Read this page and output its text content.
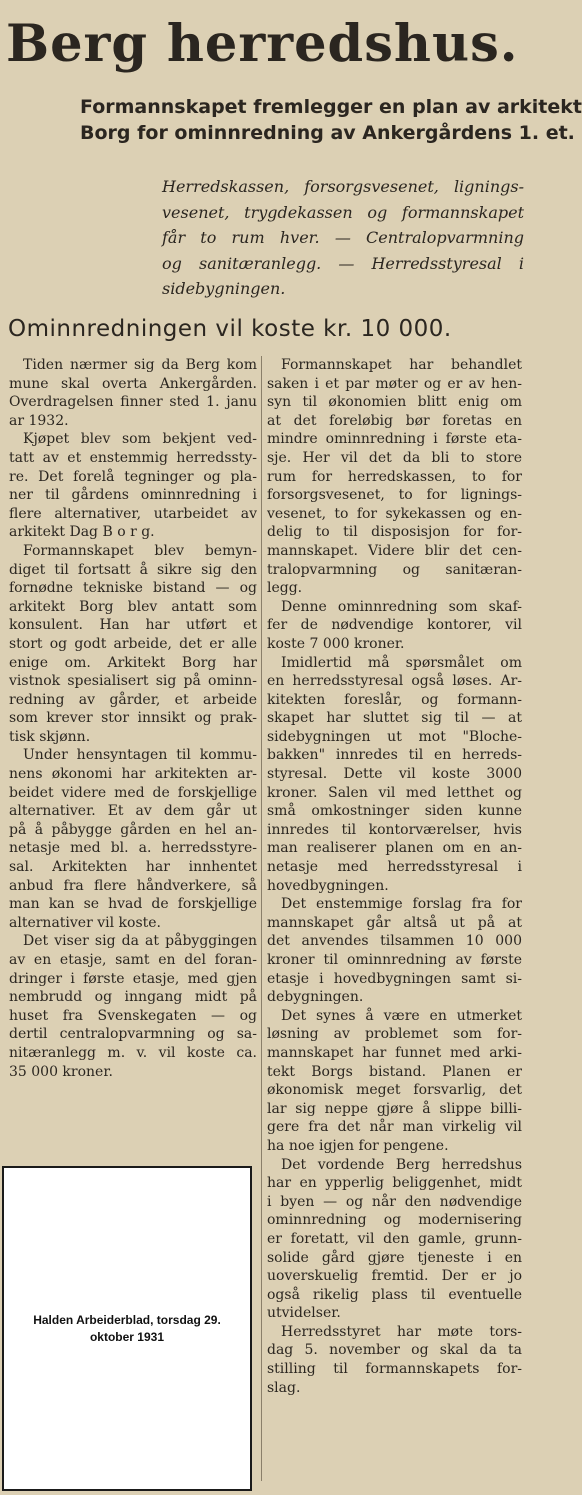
Berg herredshus.
Formannskapet fremlegger en plan av arkitekt
Borg for ominnredning av Ankergårdens 1. et.
Herredskassen, forsorgsvesenet, lignings-
vesenet, trygdekassen og formannskapet
får to rum hver. — Centralopvarmning
og sanitæranlegg. — Herredsstyresal i
sidebygningen.
Ominnredningen vil koste kr. 10 000.
Tiden nærmer sig da Berg kom
mune skal overta Ankergården.
Overdragelsen finner sted 1. janu
ar 1932.
Kjøpet blev som bekjent ved-
tatt av et enstemmig herredssty-
re. Det forelå tegninger og pla-
ner til gårdens ominnredning i
flere alternativer, utarbeidet av
arkitekt Dag B o r g.
Formannskapet blev bemyn-
diget til fortsatt å sikre sig den
fornødne tekniske bistand — og
arkitekt Borg blev antatt som
konsulent. Han har utført et
stort og godt arbeide, det er alle
enige om. Arkitekt Borg har
vistnok spesialisert sig på ominn-
redning av gårder, et arbeide
som krever stor innsikt og prak-
tisk skjønn.
Under hensyntagen til kommu-
nens økonomi har arkitekten ar-
beidet videre med de forskjellige
alternativer. Et av dem går ut
på å påbygge gården en hel an-
netasje med bl. a. herredsstyre-
sal. Arkitekten har innhentet
anbud fra flere håndverkere, så
man kan se hvad de forskjellige
alternativer vil koste.
Det viser sig da at påbyggingen
av en etasje, samt en del foran-
dringer i første etasje, med gjen
nembrudd og inngang midt på
huset fra Svenskegaten — og
dertil centralopvarmning og sa-
nitæranlegg m. v. vil koste ca.
35 000 kroner.
Formannskapet har behandlet
saken i et par møter og er av hen-
syn til økonomien blitt enig om
at det foreløbig bør foretas en
mindre ominnredning i første eta-
sje. Her vil det da bli to store
rum for herredskassen, to for
forsorgsvesenet, to for lignings-
vesenet, to for sykekassen og en-
delig to til disposisjon for for-
mannskapet. Videre blir det cen-
tralopvarmning og sanitæran-
legg.
Denne ominnredning som skaf-
fer de nødvendige kontorer, vil
koste 7 000 kroner.
Imidlertid må spørsmålet om
en herredsstyresal også løses. Ar-
kitekten foreslår, og formann-
skapet har sluttet sig til — at
sidebygningen ut mot "Bloche-
bakken" innredes til en herreds-
styresal. Dette vil koste 3000
kroner. Salen vil med letthet og
små omkostninger siden kunne
innredes til kontorværelser, hvis
man realiserer planen om en an-
netasje med herredsstyresal i
hovedbygningen.
Det enstemmige forslag fra for
mannskapet går altså ut på at
det anvendes tilsammen 10 000
kroner til ominnredning av første
etasje i hovedbygningen samt si-
debygningen.
Det synes å være en utmerket
løsning av problemet som for-
mannskapet har funnet med arki-
tekt Borgs bistand. Planen er
økonomisk meget forsvarlig, det
lar sig neppe gjøre å slippe billi-
gere fra det når man virkelig vil
ha noe igjen for pengene.
Det vordende Berg herredshus
har en ypperlig beliggenhet, midt
i byen — og når den nødvendige
ominnredning og modernisering
er foretatt, vil den gamle, grunn-
solide gård gjøre tjeneste i en
uoverskuelig fremtid. Der er jo
også rikelig plass til eventuelle
utvidelser.
Herredsstyret har møte tors-
dag 5. november og skal da ta
stilling til formannskapets for-
slag.
Halden Arbeiderblad, torsdag 29. oktober 1931
